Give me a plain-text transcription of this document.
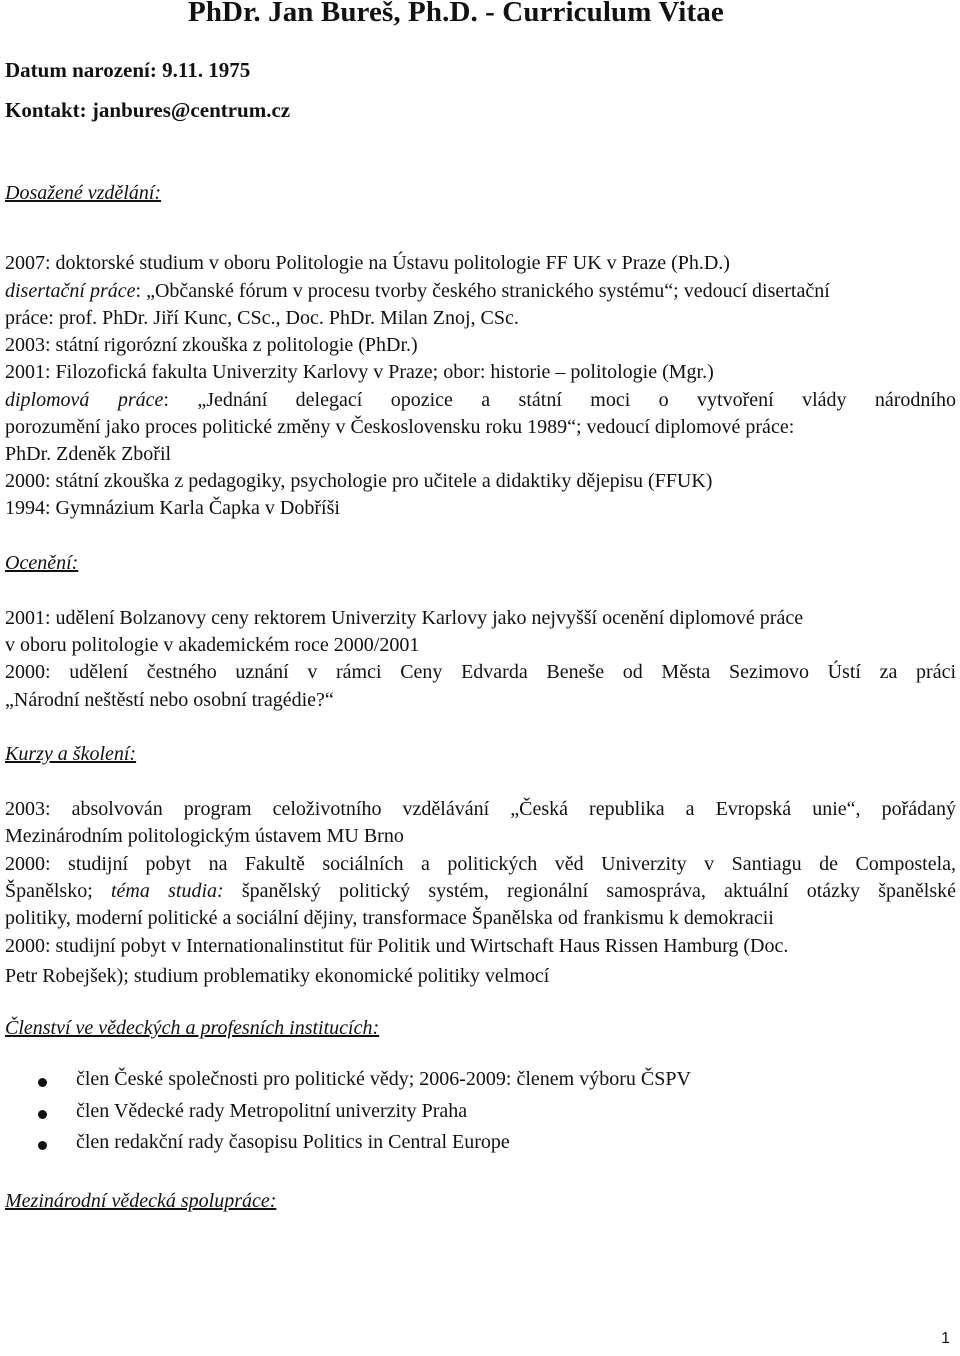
PhDr. Jan Bureš, Ph.D. - Curriculum Vitae
Datum narození: 9.11. 1975
Kontakt: janbures@centrum.cz
Dosažené vzdělání:
2007: doktorské studium v oboru Politologie na Ústavu politologie FF UK v Praze (Ph.D.)
disertační práce: „Občanské fórum v procesu tvorby českého stranického systému“; vedoucí disertační
práce: prof. PhDr. Jiří Kunc, CSc., Doc. PhDr. Milan Znoj, CSc.
2003: státní rigorózní zkouška z politologie (PhDr.)
2001: Filozofická fakulta Univerzity Karlovy v Praze; obor: historie – politologie (Mgr.)
diplomová práce: „Jednání delegací opozice a státní moci o vytvoření vlády národního
porozumění jako proces politické změny v Československu roku 1989“; vedoucí diplomové práce:
PhDr. Zdeněk Zbořil
2000: státní zkouška z pedagogiky, psychologie pro učitele a didaktiky dějepisu (FFUK)
1994: Gymnázium Karla Čapka v Dobříši
Ocenění:
2001: udělení Bolzanovy ceny rektorem Univerzity Karlovy jako nejvyšší ocenění diplomové práce
v oboru politologie v akademickém roce 2000/2001
2000: udělení čestného uznání v rámci Ceny Edvarda Beneše od Města Sezimovo Ústí za práci
„Národní neštěstí nebo osobní tragédie?“
Kurzy a školení:
2003: absolvován program celoživotního vzdělávání „Česká republika a Evropská unie“, pořádaný
Mezinárodním politologickým ústavem MU Brno
2000: studijní pobyt na Fakultě sociálních a politických věd Univerzity v Santiagu de Compostela,
Španělsko; téma studia: španělský politický systém, regionální samospráva, aktuální otázky španělské
politiky, moderní politické a sociální dějiny, transformace Španělska od frankismu k demokracii
2000: studijní pobyt v Internationalinstitut für Politik und Wirtschaft Haus Rissen Hamburg (Doc.
Petr Robejšek); studium problematiky ekonomické politiky velmocí
Členství ve vědeckých a profesních institucích:
člen České společnosti pro politické vědy; 2006-2009: členem výboru ČSPV
člen Vědecké rady Metropolitní univerzity Praha
člen redakční rady časopisu Politics in Central Europe
Mezinárodní vědecká spolupráce:
1
